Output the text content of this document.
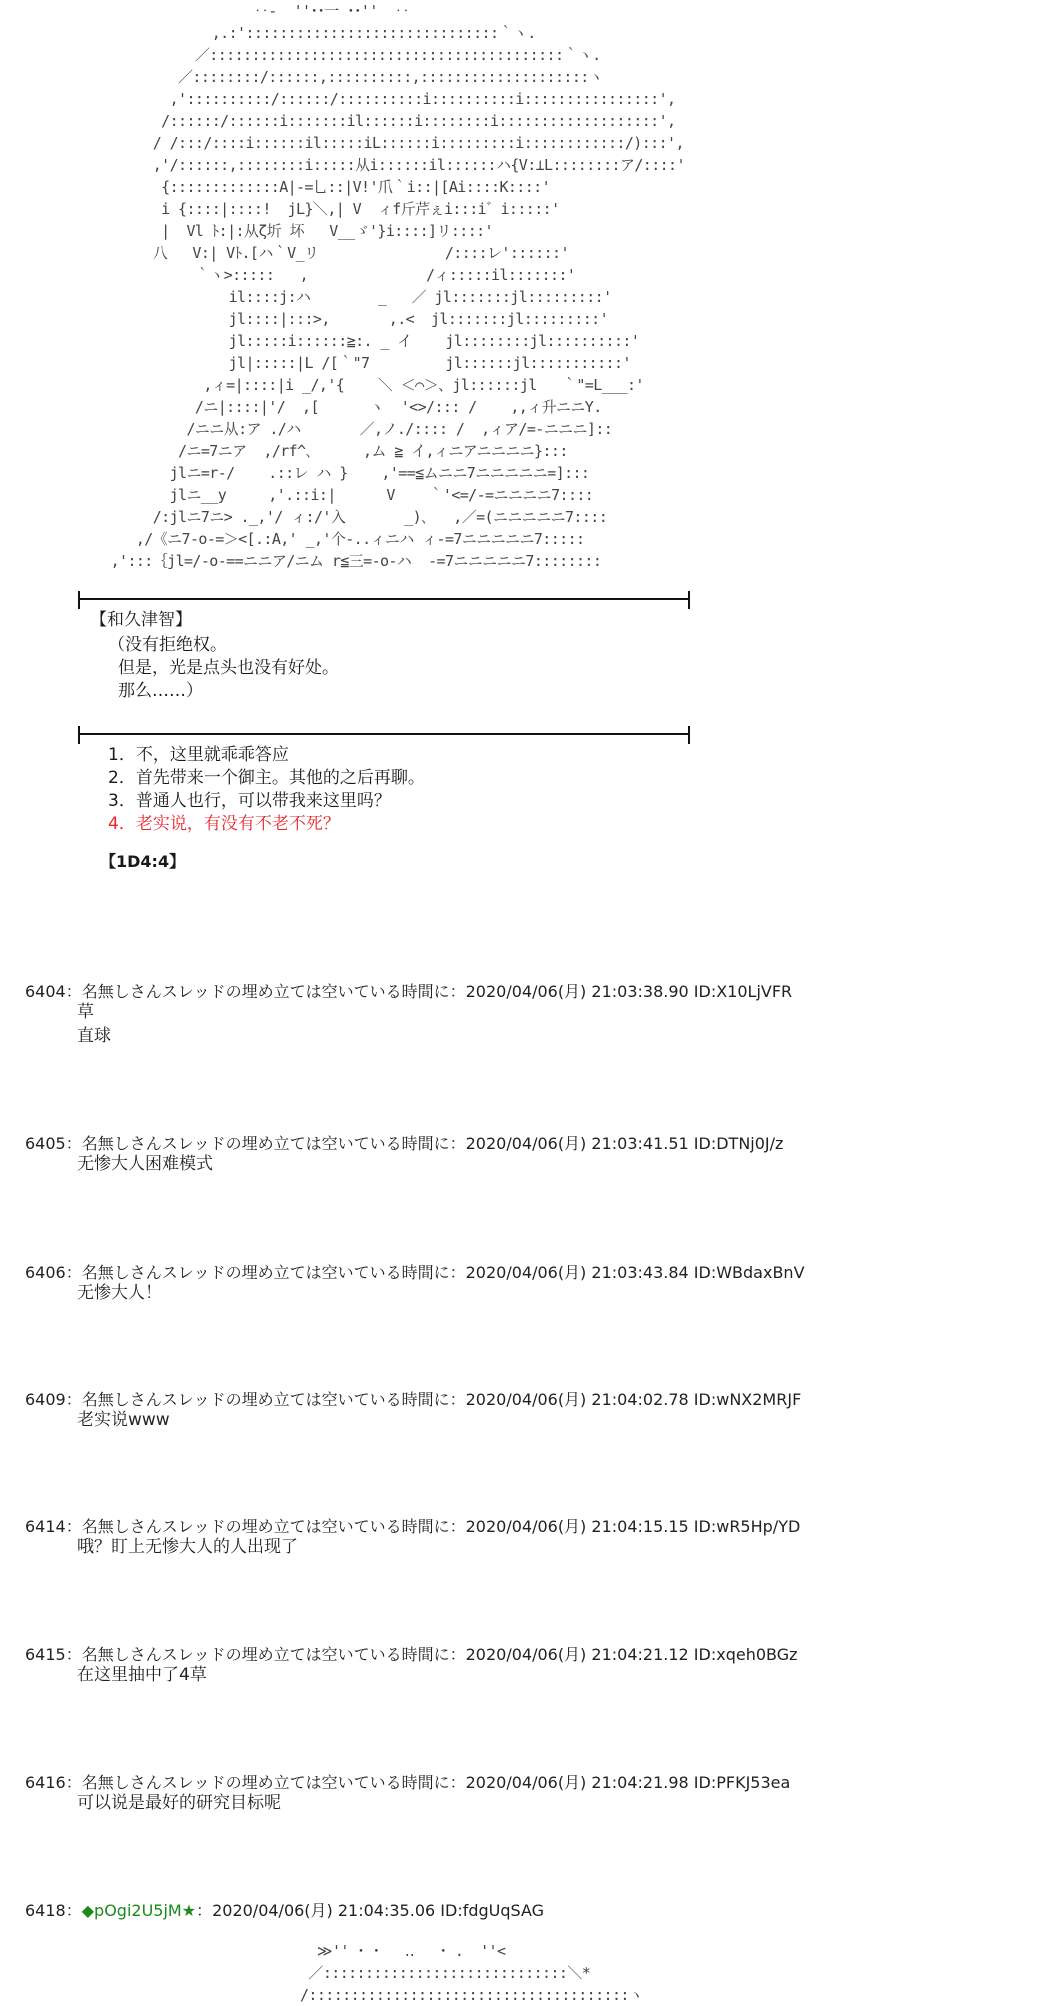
‥-  ''･･一 ･･''  ‥
,.:'::::::::::::::::::::::::::::::｀ヽ.
／::::::::::::::::::::::::::::::::::::::::::｀ヽ.
／::::::::/::::::,::::::::::,::::::::::::::::::::ヽ
,'::::::::::/::::::/::::::::::i::::::::::i::::::::::::::::',
/::::::/::::::i:::::::il::::::i::::::::i:::::::::::::::::::',
/ /:::/::::i::::::il:::::iL::::::i:::::::::i::::::::::::/):::',
,'/::::::,::::::::i:::::从i::::::il::::::ハ{V:⊥L::::::::ア/::::'
{:::::::::::::A|-=乚::|V!'爪｀i::|[Ai::::K::::'
i {::::|::::!  jL}＼,| V  ィf斤芹ぇi:::i゛i:::::'
|  Vl ﾄ:|:从ζ圻 坏   V__ゞ'}i::::]リ::::'
八   V:| Vﾄ.[ハ｀V_リ               /::::レ'::::::'
｀ヽ>:::::   ,              /ィ:::::il:::::::'
il::::j:ハ        _   ／ jl:::::::jl:::::::::'
jl::::|:::>,       ,.<  jl:::::::jl:::::::::'
jl:::::i::::::≧:. _ イ    jl::::::::jl::::::::::'
jl|:::::|L /[｀"7         jl::::::jl:::::::::::'
,ィ=|::::|i _/,'{    ＼ ＜⌒＞、jl::::::jl   ｀"=L___:'
/ニ|::::|'/  ,[      ヽ  '<>/::: /    ,,ィ升ニニY.
/ニニ从:ア ./ハ       ／,ノ./:::: /  ,ィア/=-ニニニ]::
/ニ=7ニア  ,/rf^､      ,ム ≧ イ,ィニアニニニニ}:::
jlニ=r-/    .::レ ハ }    ,'==≦ムニニ7ニニニニニ=]:::
jlニ__y     ,'.::i:|      V    ｀'<=/-=ニニニニ7::::
/:jlニ7ニ> ._,'/ ィ:/'入       _)､   ,／=(ニニニニニ7::::
,/《ニ7-o-=＞<[.:A,' _,'个-..ィニハ ィ-=7ニニニニニ7:::::
,':::｛jl=/-o-==ニニア/ニム r≦三=-o-ハ  -=7ニニニニニ7::::::::
【和久津智】
（没有拒绝权。
但是，光是点头也没有好处。
那么……）
1．不，这里就乖乖答应
2．首先带来一个御主。其他的之后再聊。
3．普通人也行，可以带我来这里吗？
4．老实说，有没有不老不死？
【1D4:4】
6404：名無しさんスレッドの埋め立ては空いている時間に：2020/04/06(月) 21:03:38.90 ID:X10LjVFR
草
直球
6405：名無しさんスレッドの埋め立ては空いている時間に：2020/04/06(月) 21:03:41.51 ID:DTNj0J/z
无惨大人困难模式
6406：名無しさんスレッドの埋め立ては空いている時間に：2020/04/06(月) 21:03:43.84 ID:WBdaxBnV
无惨大人！
6409：名無しさんスレッドの埋め立ては空いている時間に：2020/04/06(月) 21:04:02.78 ID:wNX2MRJF
老实说www
6414：名無しさんスレッドの埋め立ては空いている時間に：2020/04/06(月) 21:04:15.15 ID:wR5Hp/YD
哦？盯上无惨大人的人出现了
6415：名無しさんスレッドの埋め立ては空いている時間に：2020/04/06(月) 21:04:21.12 ID:xqeh0BGz
在这里抽中了4草
6416：名無しさんスレッドの埋め立ては空いている時間に：2020/04/06(月) 21:04:21.98 ID:PFKJ53ea
可以说是最好的研究目标呢
6418：◆pOgi2U5jM★：2020/04/06(月) 21:04:35.06 ID:fdgUqSAG
≫'' ･ ･   ‥   ･ .  ''<
／:::::::::::::::::::::::::::::＼*
/::::::::::::::::::::::::::::::::::::::ヽ
